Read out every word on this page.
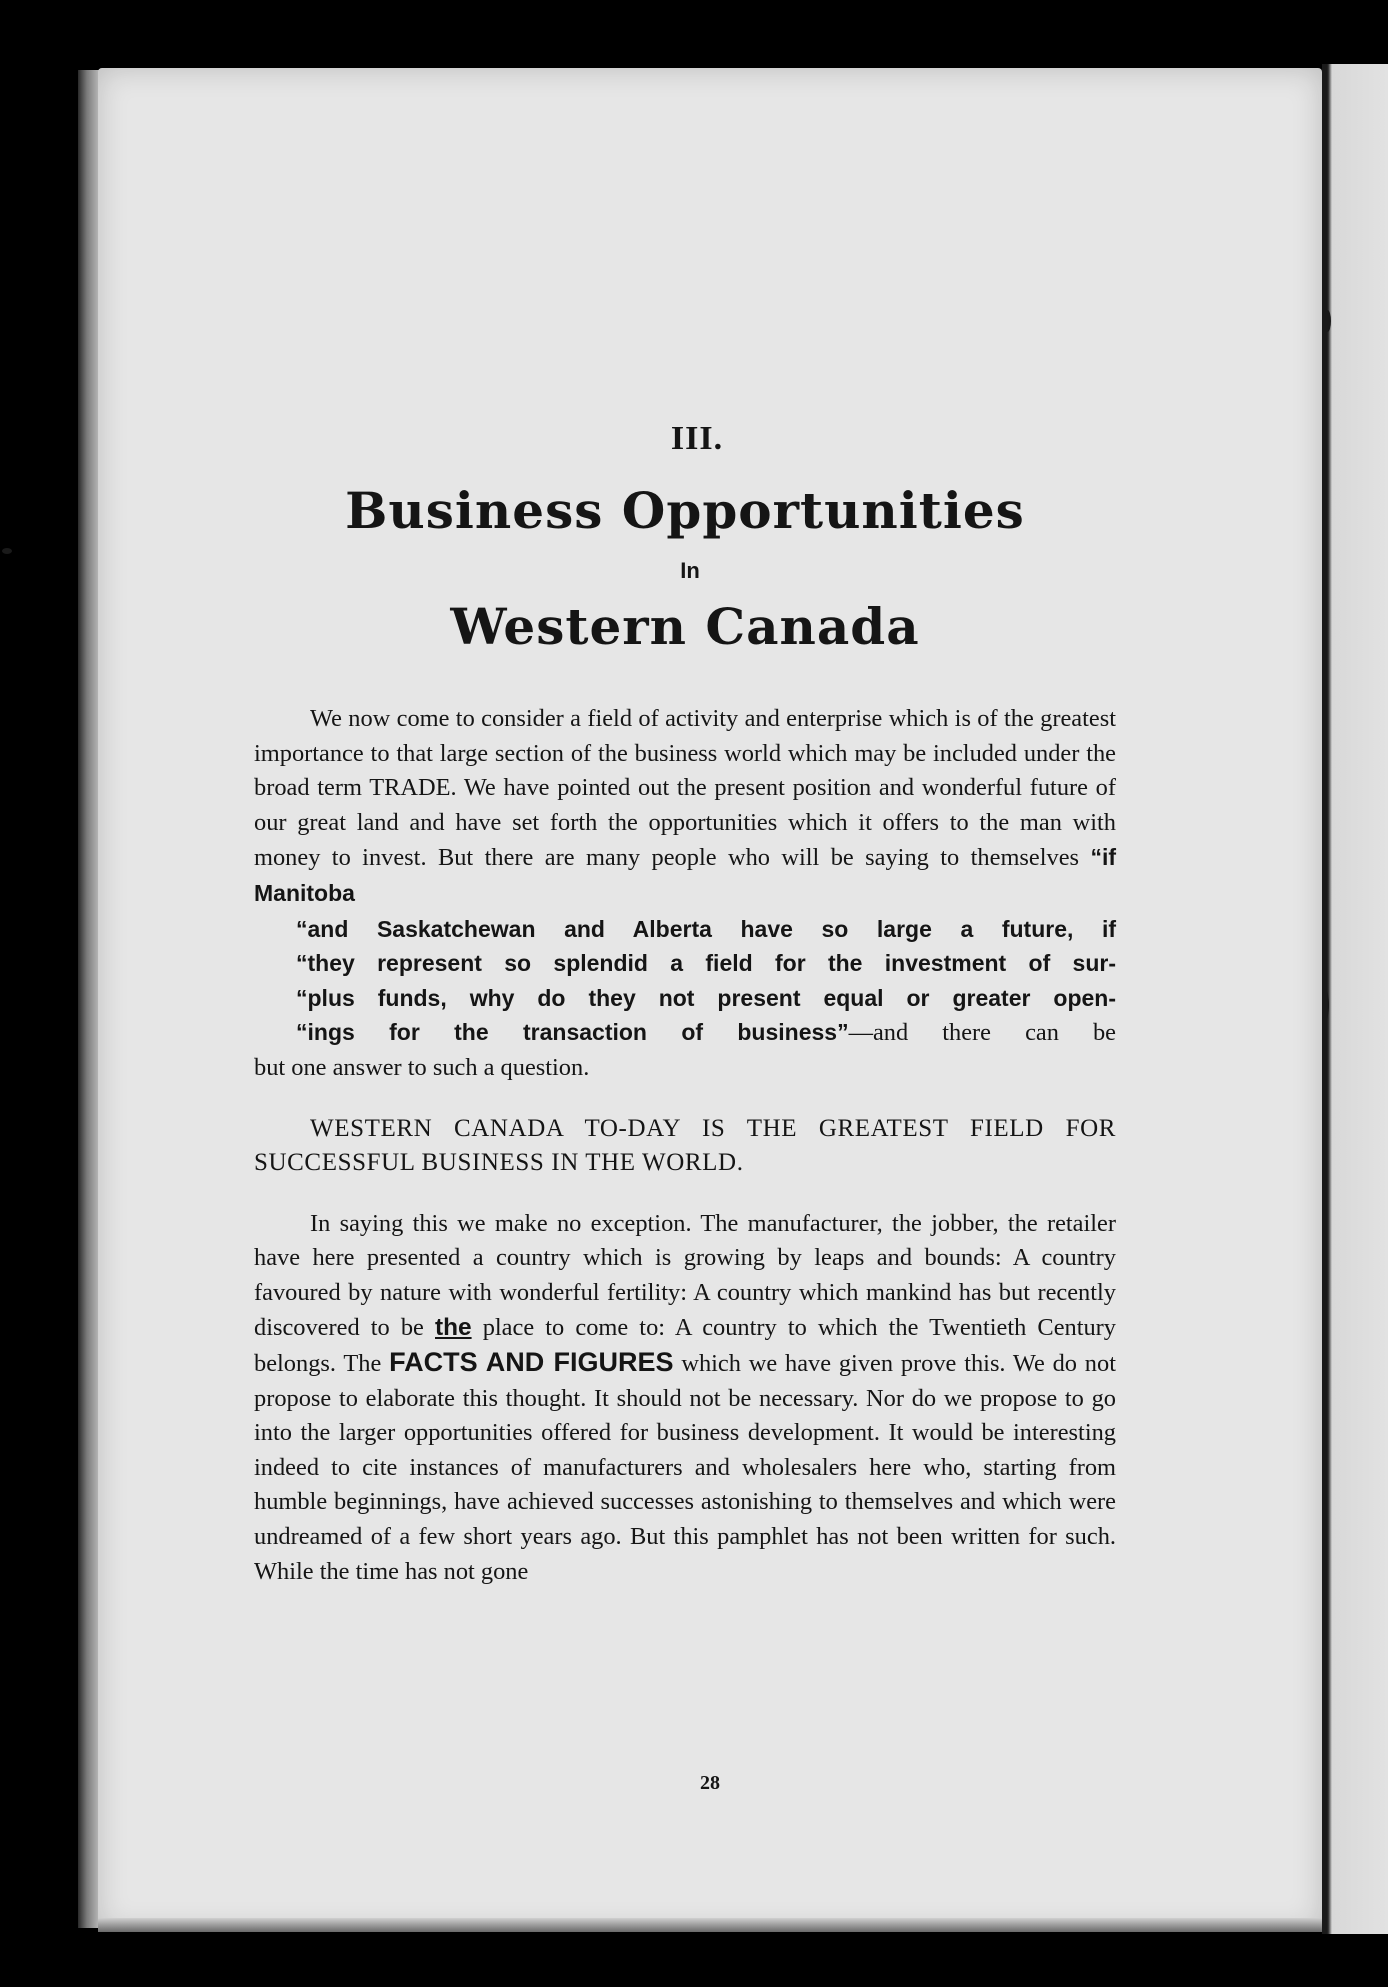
III.
Business Opportunities
In
Western Canada

We now come to consider a field of activity and enterprise which is of the greatest importance to that large section of the business world which may be included under the broad term TRADE. We have pointed out the present position and wonderful future of our great land and have set forth the opportunities which it offers to the man with money to invest. But there are many people who will be saying to themselves “if Manitoba

“and Saskatchewan and Alberta have so large a future, if
“they represent so splendid a field for the investment of sur-
“plus funds, why do they not present equal or greater open-
“ings for the transaction of business”—and there can be

but one answer to such a question.

WESTERN CANADA TO-DAY IS THE GREATEST FIELD FOR SUCCESSFUL BUSINESS IN THE WORLD.

In saying this we make no exception. The manufacturer, the jobber, the retailer have here presented a country which is growing by leaps and bounds: A country favoured by nature with wonderful fertility: A country which mankind has but recently discovered to be the place to come to: A country to which the Twentieth Century belongs. The FACTS AND FIGURES which we have given prove this. We do not propose to elaborate this thought. It should not be necessary. Nor do we propose to go into the larger opportunities offered for business development. It would be interesting indeed to cite instances of manufacturers and wholesalers here who, starting from humble beginnings, have achieved successes astonishing to themselves and which were undreamed of a few short years ago. But this pamphlet has not been written for such. While the time has not gone

28
